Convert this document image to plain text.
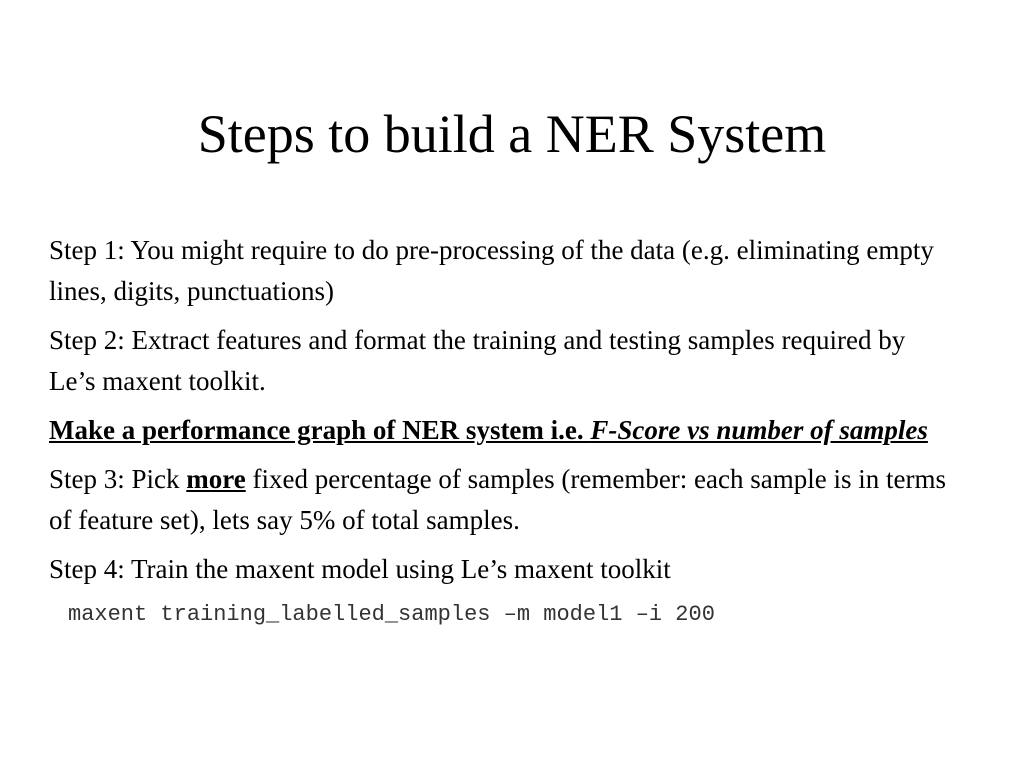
Steps to build a NER System

Step 1: You might require to do pre-processing of the data (e.g. eliminating empty lines, digits, punctuations)

Step 2: Extract features and format the training and testing samples required by Le’s maxent toolkit.

Make a performance graph of NER system i.e. F-Score vs number of samples

Step 3: Pick more fixed percentage of samples (remember: each sample is in terms of feature set), lets say 5% of total samples.

Step 4: Train the maxent model using Le’s maxent toolkit

maxent training_labelled_samples –m model1 –i 200
